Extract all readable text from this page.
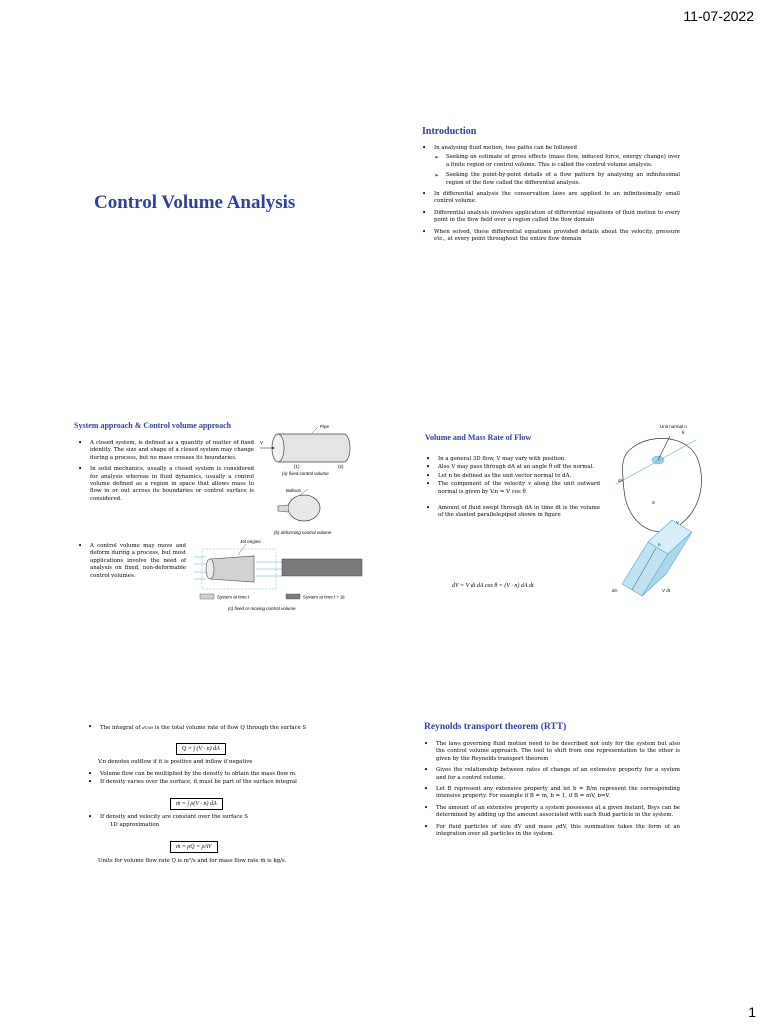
11-07-2022
Control Volume Analysis
Introduction
• In analysing fluid motion, two paths can be followed
➢ Seeking an estimate of gross effects (mass flow, induced force, energy change) over a finite region or control volume. This is called the control volume analysis.
➢ Seeking the point-by-point details of a flow pattern by analysing an infinitesimal region of the flow called the differential analysis.
• In differential analysis the conservation laws are applied to an infinitesimally small control volume.
• Differential analysis involves application of differential equations of fluid motion to every point in the flow field over a region called the flow domain
• When solved, these differential equations provided details about the velocity, pressure etc., at every point throughout the entire flow domain
System approach & Control volume approach
• A closed system, is defined as a quantity of matter of fixed identity. The size and shape of a closed system may change during a process, but no mass crosses its boundaries.
• In solid mechanics, usually a closed system is considered for analysis whereas in fluid dynamics, usually a control volume defined as a region in space that allows mass to flow in or out across its boundaries or control surface is considered.
• A control volume may move and deform during a process, but most applications involve the need of analysis on fixed, non-deformable control volumes.
V
Pipe
(1)	(2)
(a) fixed control volume
Balloon
(b) deforming control volume
Jet engine
System at time t	System at time t + Δt
(c) fixed or moving control volume
Volume and Mass Rate of Flow
• In a general 3D flow, V may vary with position.
• Also V may pass through dA at an angle θ off the normal.
• Let n be defined as the unit vector normal to dA.
• The component of the velocity v along the unit outward normal is given by V.n = V cos θ
• Amount of fluid swept through dA in time dt is the volume of the slanted parallelepiped shown in figure
dV = V dt dA cos θ = (V · n) dA dt
Unit normal n
dA
S
θ
dA
n
V
V dt
• The integral of dV/dt is the total volume rate of flow Q through the surface S
Q = ∫ (V · n) dA
V.n denotes outflow if it is positive and inflow if negative
• Volume flow can be multiplied by the density to obtain the mass flow m.
• If density varies over the surface, it must be part of the surface integral
ṁ = ∫ ρ(V · n) dA
• If density and velocity are constant over the surface S
1D approximation
ṁ = ρQ = ρAV
Units for volume flow rate Q is m³/s and for mass flow rate ṁ is kg/s.
Reynolds transport theorem (RTT)
• The laws governing fluid motion need to be described not only for the system but also the control volume approach. The tool to shift from one representation to the other is given by the Reynolds transport theorem
• Gives the relationship between rates of change of an extensive property for a system and for a control volume.
• Let B represent any extensive property and let b = B/m represent the corresponding intensive property. For example if B = m, b = 1, if B = mV, b=V.
• The amount of an extensive property a system possesses at a given instant, Bsys can be determined by adding up the amount associated with each fluid particle in the system.
• For fluid particles of size dV and mass ρdV, this summation takes the form of an integration over all particles in the system.
1
